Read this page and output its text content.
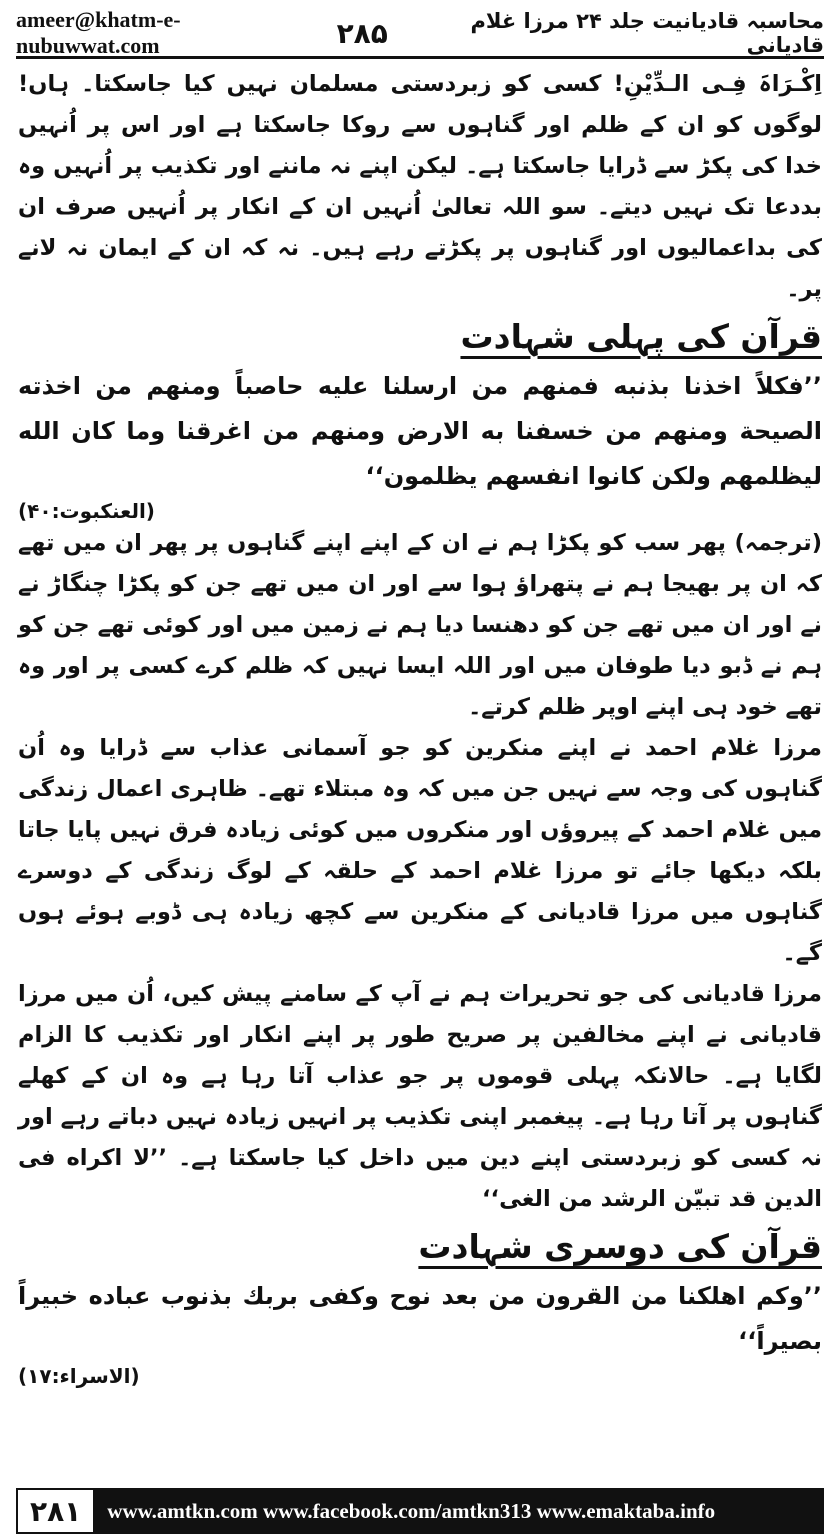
ameer@khatm-e-nubuwwat.com	۲۸۵	محاسبہ قادیانیت جلد ۲۴ مرزا غلام قادیانی

اِکْـرَاہَ فِـی الـدِّیْنِ! کسی کو زبردستی مسلمان نہیں کیا جاسکتا۔ ہاں! لوگوں کو ان کے ظلم اور گناہوں سے روکا جاسکتا ہے اور اس پر اُنہیں خدا کی پکڑ سے ڈرایا جاسکتا ہے۔ لیکن اپنے نہ ماننے اور تکذیب پر اُنہیں وہ بددعا تک نہیں دیتے۔ سو اللہ تعالیٰ اُنہیں ان کے انکار پر اُنہیں صرف ان کی بداعمالیوں اور گناہوں پر پکڑتے رہے ہیں۔ نہ کہ ان کے ایمان نہ لانے پر۔

قرآن کی پہلی شہادت

’’فکلاً اخذنا بذنبه فمنهم من ارسلنا عليه حاصباً ومنهم من اخذته الصيحة ومنهم من خسفنا به الارض ومنهم من اغرقنا وما كان الله ليظلمهم ولكن كانوا انفسهم يظلمون‘‘

(العنکبوت:۴۰)

(ترجمہ) پھر سب کو پکڑا ہم نے ان کے اپنے اپنے گناہوں پر پھر ان میں تھے کہ ان پر بھیجا ہم نے پتھراؤ ہوا سے اور ان میں تھے جن کو پکڑا چنگاڑ نے نے اور ان میں تھے جن کو دھنسا دیا ہم نے زمین میں اور کوئی تھے جن کو ہم نے ڈبو دیا طوفان میں اور اللہ ایسا نہیں کہ ظلم کرے کسی پر اور وہ تھے خود ہی اپنے اوپر ظلم کرتے۔

مرزا غلام احمد نے اپنے منکرین کو جو آسمانی عذاب سے ڈرایا وہ اُن گناہوں کی وجہ سے نہیں جن میں کہ وہ مبتلاء تھے۔ ظاہری اعمال زندگی میں غلام احمد کے پیروؤں اور منکروں میں کوئی زیادہ فرق نہیں پایا جاتا بلکہ دیکھا جائے تو مرزا غلام احمد کے حلقہ کے لوگ زندگی کے دوسرے گناہوں میں مرزا قادیانی کے منکرین سے کچھ زیادہ ہی ڈوبے ہوئے ہوں گے۔

مرزا قادیانی کی جو تحریرات ہم نے آپ کے سامنے پیش کیں، اُن میں مرزا قادیانی نے اپنے مخالفین پر صریح طور پر اپنے انکار اور تکذیب کا الزام لگایا ہے۔ حالانکہ پہلی قوموں پر جو عذاب آتا رہا ہے وہ ان کے کھلے گناہوں پر آتا رہا ہے۔ پیغمبر اپنی تکذیب پر انہیں زیادہ نہیں دباتے رہے اور نہ کسی کو زبردستی اپنے دین میں داخل کیا جاسکتا ہے۔ ’’لا اکراه فی الدين قد تبيّن الرشد من الغی‘‘

قرآن کی دوسری شہادت

’’وكم اهلكنا من القرون من بعد نوح وكفى بربك بذنوب عباده خبيراً بصيراً‘‘

(الاسراء:۱۷)
۲۸۱	www.amtkn.com www.facebook.com/amtkn313 www.emaktaba.info
